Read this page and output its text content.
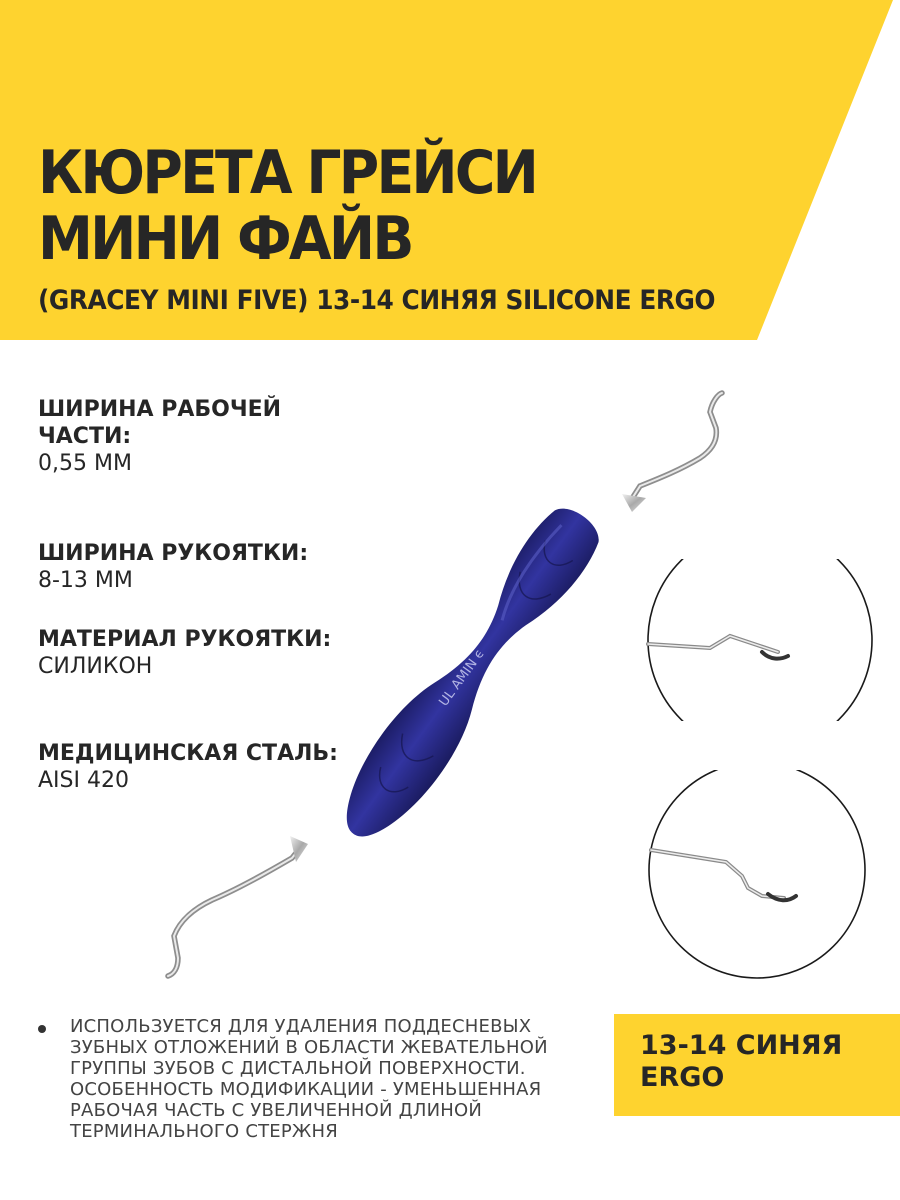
КЮРЕТА ГРЕЙСИ
МИНИ ФАЙВ
(GRACEY MINI FIVE) 13-14 СИНЯЯ SILICONE ERGO
ШИРИНА РАБОЧЕЙ ЧАСТИ:
0,55 ММ
ШИРИНА РУКОЯТКИ:
8-13 ММ
МАТЕРИАЛ РУКОЯТКИ:
СИЛИКОН
МЕДИЦИНСКАЯ СТАЛЬ:
AISI 420
UL AMIN ϵ
ИСПОЛЬЗУЕТСЯ ДЛЯ УДАЛЕНИЯ ПОДДЕСНЕВЫХ ЗУБНЫХ ОТЛОЖЕНИЙ В ОБЛАСТИ ЖЕВАТЕЛЬНОЙ ГРУППЫ ЗУБОВ С ДИСТАЛЬНОЙ ПОВЕРХНОСТИ. ОСОБЕННОСТЬ МОДИФИКАЦИИ - УМЕНЬШЕННАЯ РАБОЧАЯ ЧАСТЬ С УВЕЛИЧЕННОЙ ДЛИНОЙ ТЕРМИНАЛЬНОГО СТЕРЖНЯ
13-14 СИНЯЯ
ERGO
